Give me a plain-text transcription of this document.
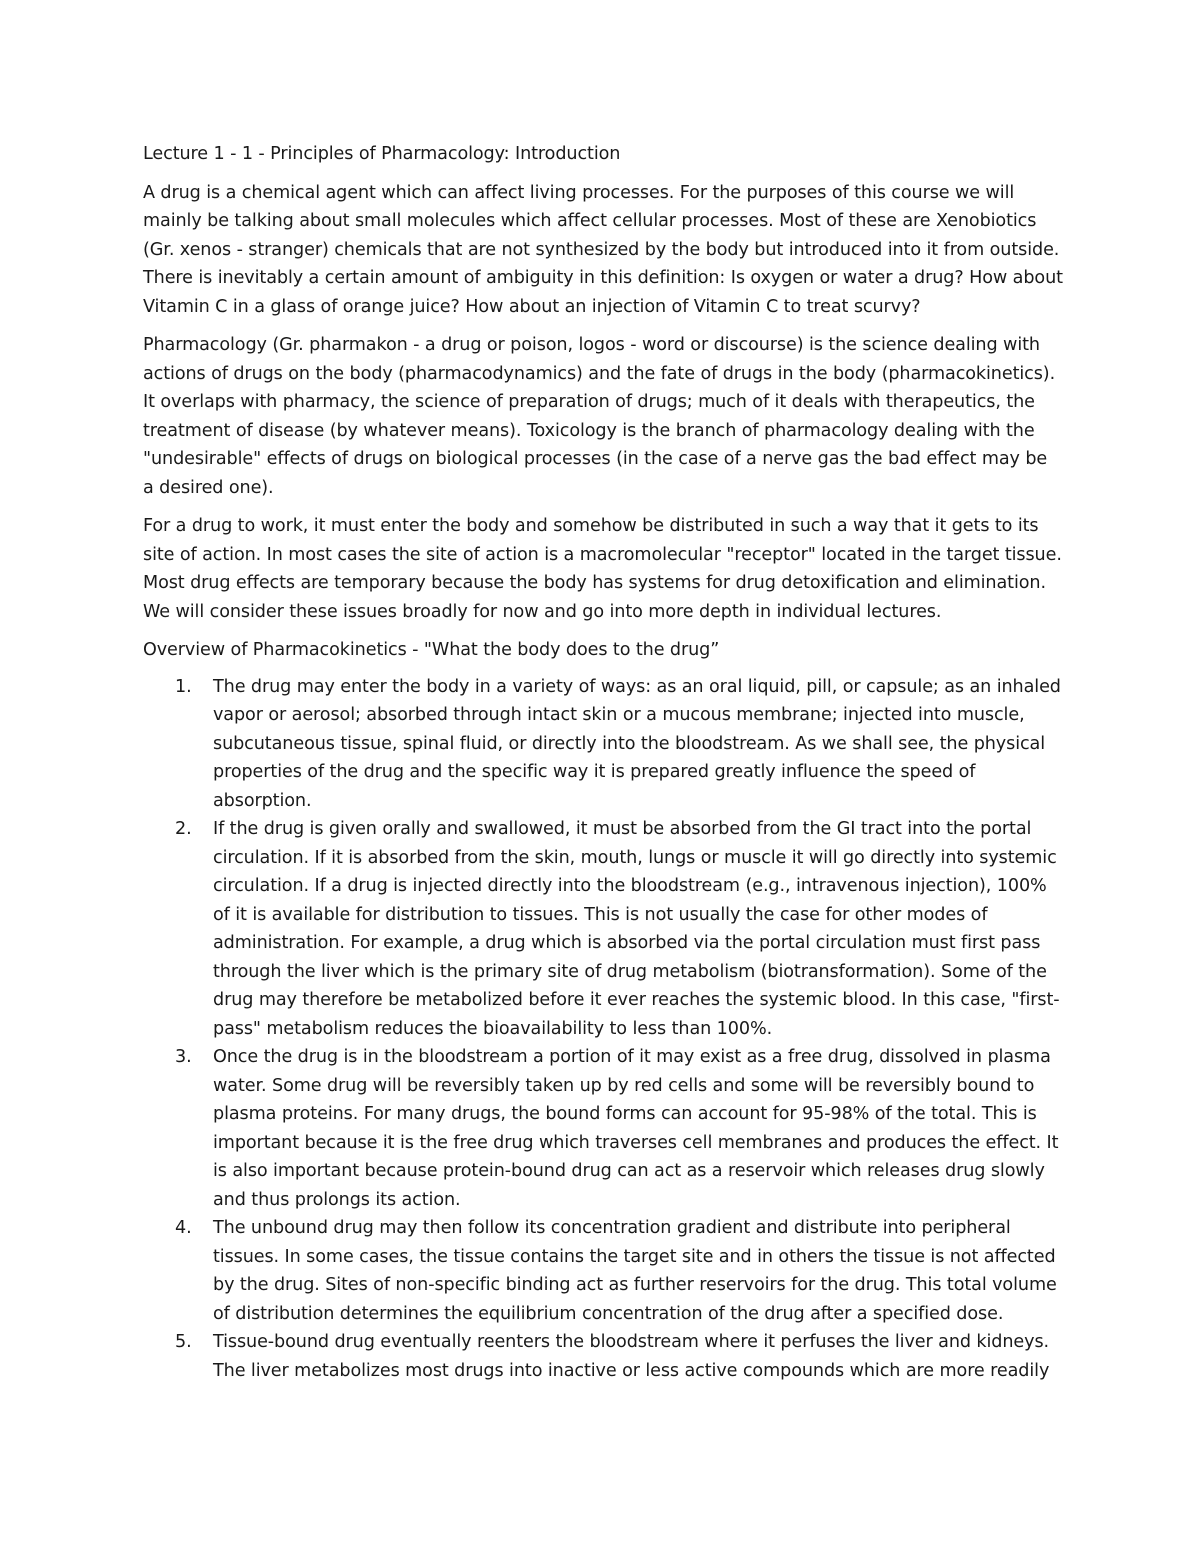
Lecture 1 - 1 - Principles of Pharmacology: Introduction

A drug is a chemical agent which can affect living processes. For the purposes of this course we will mainly be talking about small molecules which affect cellular processes. Most of these are Xenobiotics (Gr. xenos - stranger) chemicals that are not synthesized by the body but introduced into it from outside. There is inevitably a certain amount of ambiguity in this definition: Is oxygen or water a drug? How about Vitamin C in a glass of orange juice? How about an injection of Vitamin C to treat scurvy?

Pharmacology (Gr. pharmakon - a drug or poison, logos - word or discourse) is the science dealing with actions of drugs on the body (pharmacodynamics) and the fate of drugs in the body (pharmacokinetics). It overlaps with pharmacy, the science of preparation of drugs; much of it deals with therapeutics, the treatment of disease (by whatever means). Toxicology is the branch of pharmacology dealing with the "undesirable" effects of drugs on biological processes (in the case of a nerve gas the bad effect may be a desired one).

For a drug to work, it must enter the body and somehow be distributed in such a way that it gets to its site of action. In most cases the site of action is a macromolecular "receptor" located in the target tissue. Most drug effects are temporary because the body has systems for drug detoxification and elimination. We will consider these issues broadly for now and go into more depth in individual lectures.

Overview of Pharmacokinetics - "What the body does to the drug”

1. The drug may enter the body in a variety of ways: as an oral liquid, pill, or capsule; as an inhaled vapor or aerosol; absorbed through intact skin or a mucous membrane; injected into muscle, subcutaneous tissue, spinal fluid, or directly into the bloodstream. As we shall see, the physical properties of the drug and the specific way it is prepared greatly influence the speed of absorption.
2. If the drug is given orally and swallowed, it must be absorbed from the GI tract into the portal circulation. If it is absorbed from the skin, mouth, lungs or muscle it will go directly into systemic circulation. If a drug is injected directly into the bloodstream (e.g., intravenous injection), 100% of it is available for distribution to tissues. This is not usually the case for other modes of administration. For example, a drug which is absorbed via the portal circulation must first pass through the liver which is the primary site of drug metabolism (biotransformation). Some of the drug may therefore be metabolized before it ever reaches the systemic blood. In this case, "first-pass" metabolism reduces the bioavailability to less than 100%.
3. Once the drug is in the bloodstream a portion of it may exist as a free drug, dissolved in plasma water. Some drug will be reversibly taken up by red cells and some will be reversibly bound to plasma proteins. For many drugs, the bound forms can account for 95-98% of the total. This is important because it is the free drug which traverses cell membranes and produces the effect. It is also important because protein-bound drug can act as a reservoir which releases drug slowly and thus prolongs its action.
4. The unbound drug may then follow its concentration gradient and distribute into peripheral tissues. In some cases, the tissue contains the target site and in others the tissue is not affected by the drug. Sites of non-specific binding act as further reservoirs for the drug. This total volume of distribution determines the equilibrium concentration of the drug after a specified dose.
5. Tissue-bound drug eventually reenters the bloodstream where it perfuses the liver and kidneys. The liver metabolizes most drugs into inactive or less active compounds which are more readily
